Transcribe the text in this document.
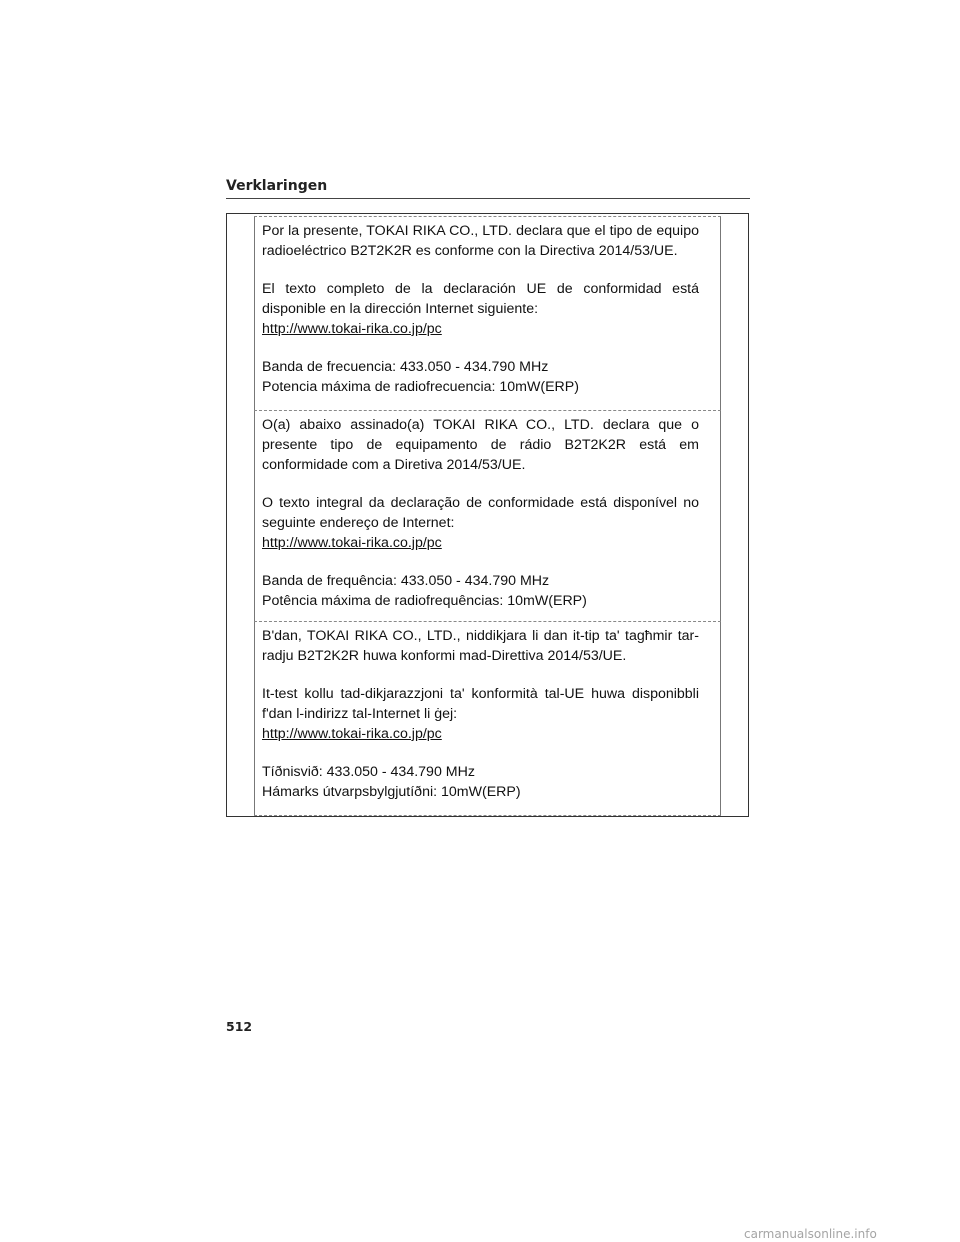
Verklaringen

Por la presente, TOKAI RIKA CO., LTD. declara que el tipo de equipo radioeléctrico B2T2K2R es conforme con la Directiva 2014/53/UE.

El texto completo de la declaración UE de conformidad está disponible en la dirección Internet siguiente:
http://www.tokai-rika.co.jp/pc

Banda de frecuencia: 433.050 - 434.790 MHz
Potencia máxima de radiofrecuencia: 10mW(ERP)

O(a) abaixo assinado(a) TOKAI RIKA CO., LTD. declara que o presente tipo de equipamento de rádio B2T2K2R está em conformidade com a Diretiva 2014/53/UE.

O texto integral da declaração de conformidade está disponível no seguinte endereço de Internet:
http://www.tokai-rika.co.jp/pc

Banda de frequência: 433.050 - 434.790 MHz
Potência máxima de radiofrequências: 10mW(ERP)

B'dan, TOKAI RIKA CO., LTD., niddikjara li dan it-tip ta' tagħmir tar-radju B2T2K2R huwa konformi mad-Direttiva 2014/53/UE.

It-test kollu tad-dikjarazzjoni ta' konformità tal-UE huwa disponibbli f'dan l-indirizz tal-Internet li ġej:
http://www.tokai-rika.co.jp/pc

Tíðnisvið: 433.050 - 434.790 MHz
Hámarks útvarpsbylgjutíðni: 10mW(ERP)

512
carmanualsonline.info
